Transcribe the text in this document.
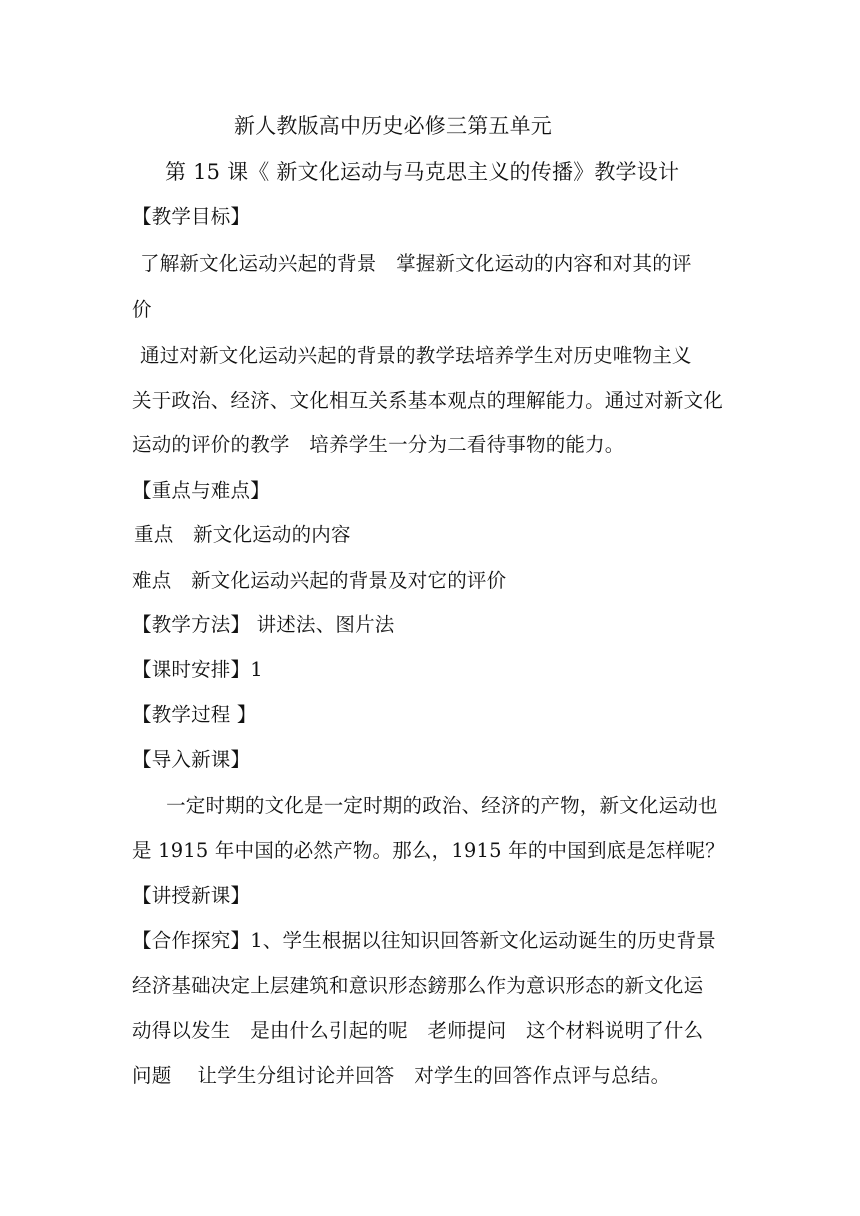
新人教版高中历史必修三第五单元
第 15 课《 新文化运动与马克思主义的传播》教学设计
【教学目标】
了解新文化运动兴起的背景　掌握新文化运动的内容和对其的评
价
通过对新文化运动兴起的背景的教学珐培养学生对历史唯物主义
关于政治、经济、文化相互关系基本观点的理解能力。通过对新文化
运动的评价的教学　培养学生一分为二看待事物的能力。
【重点与难点】
重点　新文化运动的内容
难点　新文化运动兴起的背景及对它的评价
【教学方法】 讲述法、图片法
【课时安排】1
【教学过程 】
【导入新课】
　 一定时期的文化是一定时期的政治、经济的产物，新文化运动也
是 1915 年中国的必然产物。那么，1915 年的中国到底是怎样呢？
【讲授新课】
【合作探究】1、学生根据以往知识回答新文化运动诞生的历史背景
经济基础决定上层建筑和意识形态鎊那么作为意识形态的新文化运
动得以发生　是由什么引起的呢　老师提问　这个材料说明了什么
问题　 让学生分组讨论并回答　对学生的回答作点评与总结。
